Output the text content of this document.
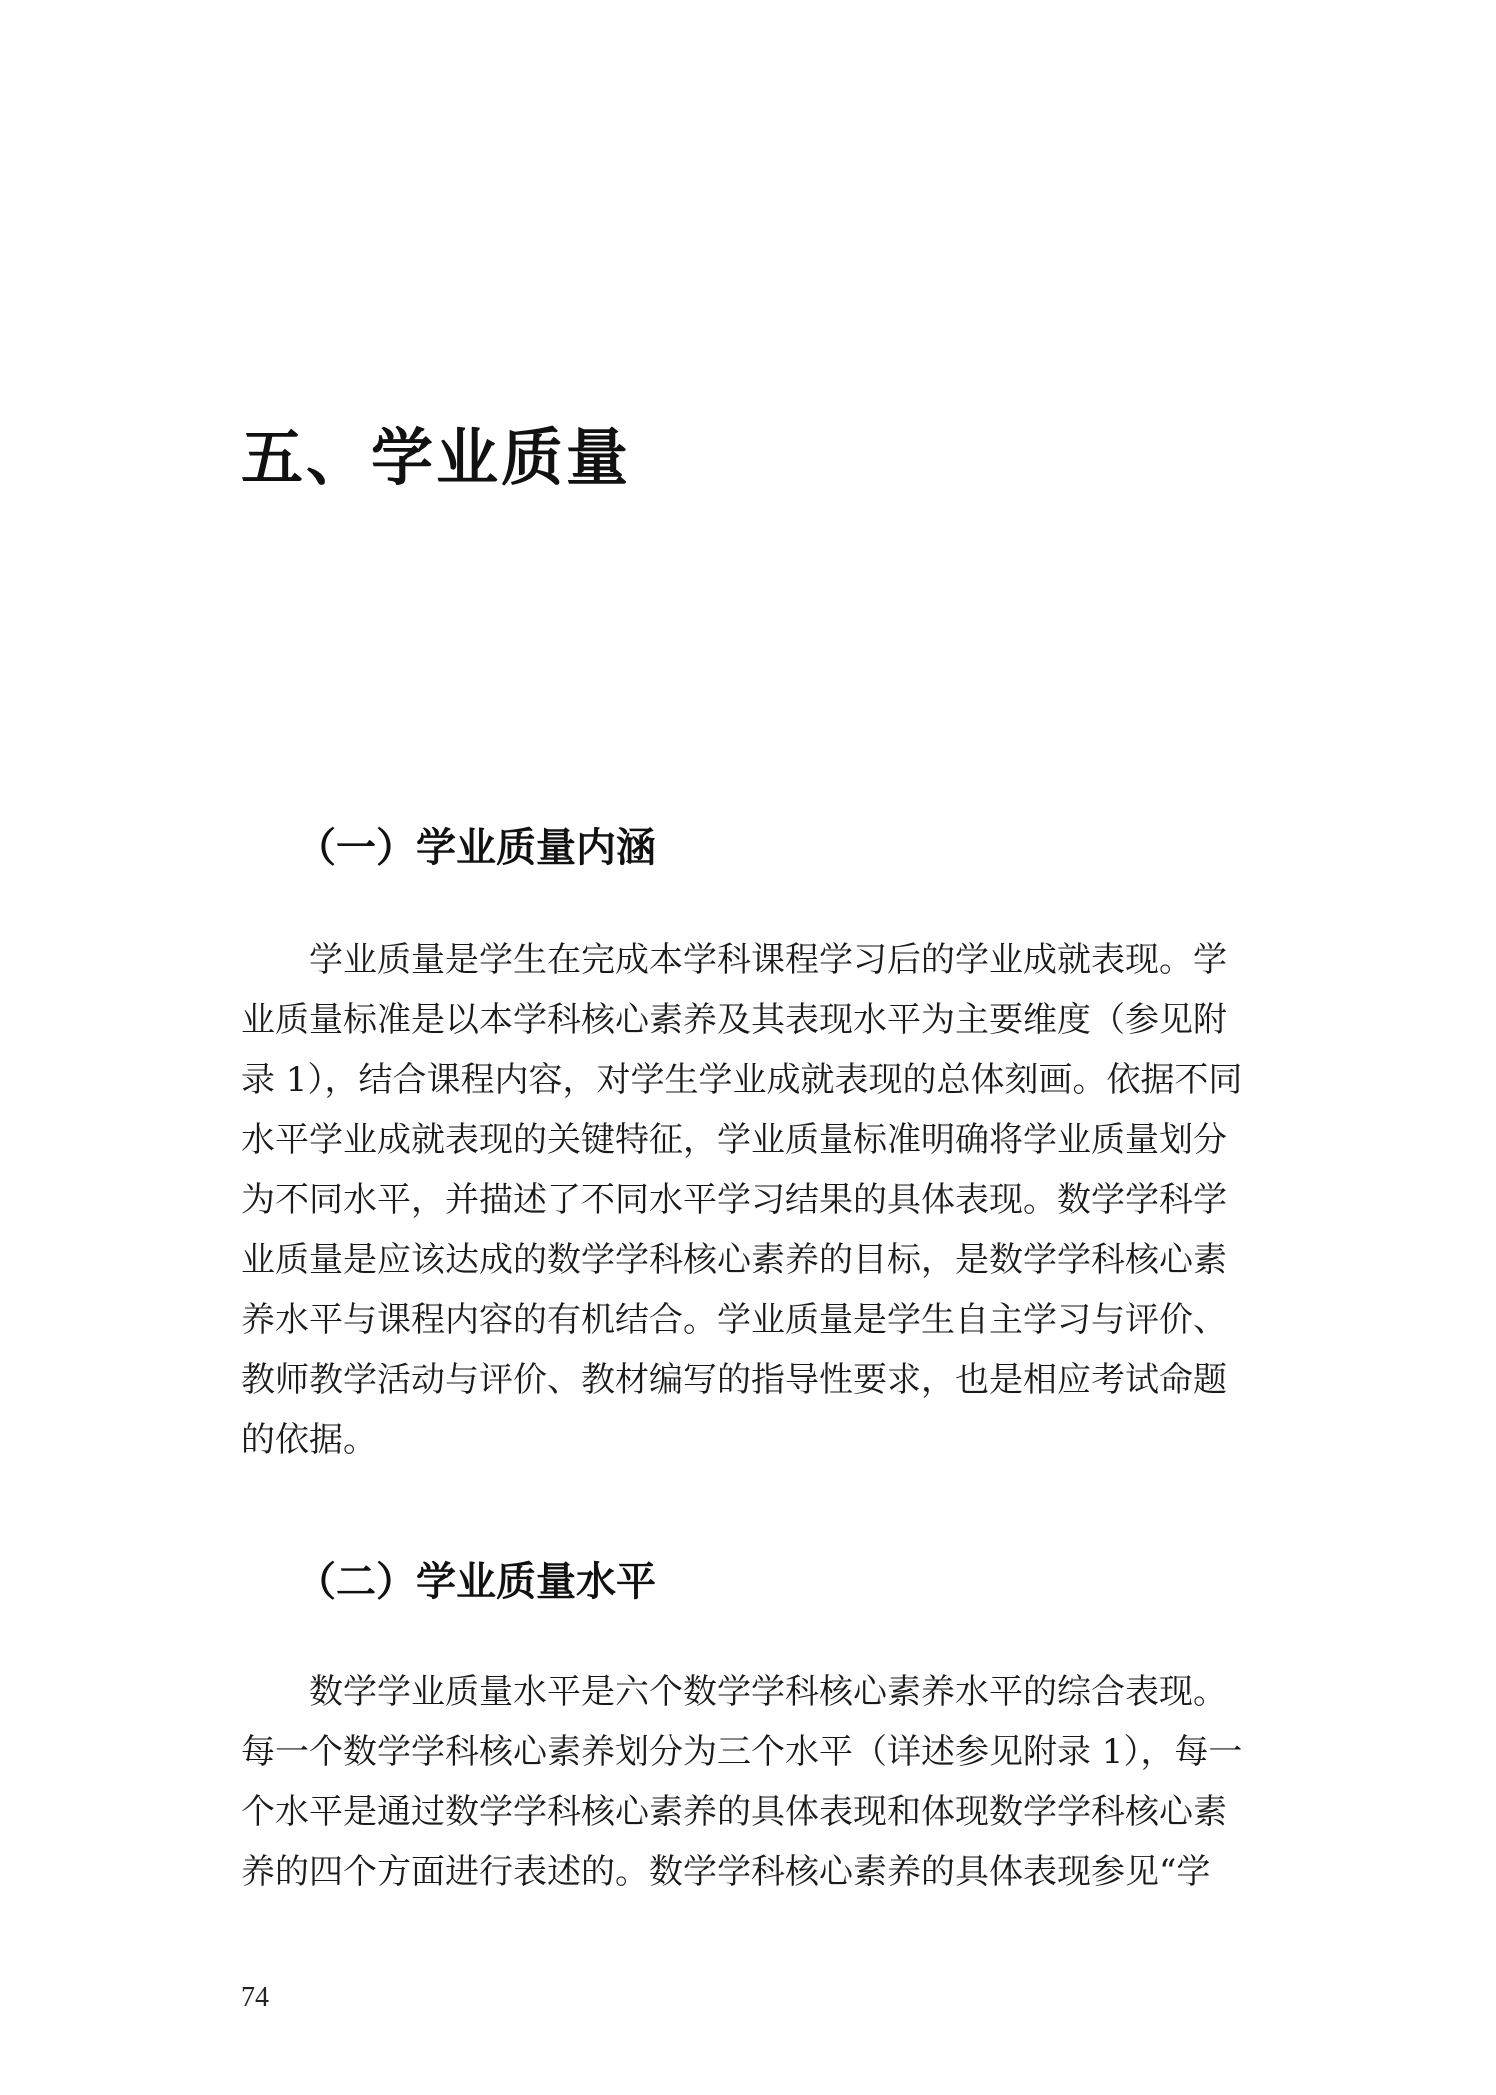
五、学业质量
（一）学业质量内涵
学业质量是学生在完成本学科课程学习后的学业成就表现。学
业质量标准是以本学科核心素养及其表现水平为主要维度（参见附
录 1），结合课程内容，对学生学业成就表现的总体刻画。依据不同
水平学业成就表现的关键特征，学业质量标准明确将学业质量划分
为不同水平，并描述了不同水平学习结果的具体表现。数学学科学
业质量是应该达成的数学学科核心素养的目标，是数学学科核心素
养水平与课程内容的有机结合。学业质量是学生自主学习与评价、
教师教学活动与评价、教材编写的指导性要求，也是相应考试命题
的依据。
（二）学业质量水平
数学学业质量水平是六个数学学科核心素养水平的综合表现。
每一个数学学科核心素养划分为三个水平（详述参见附录 1），每一
个水平是通过数学学科核心素养的具体表现和体现数学学科核心素
养的四个方面进行表述的。数学学科核心素养的具体表现参见“学

74
